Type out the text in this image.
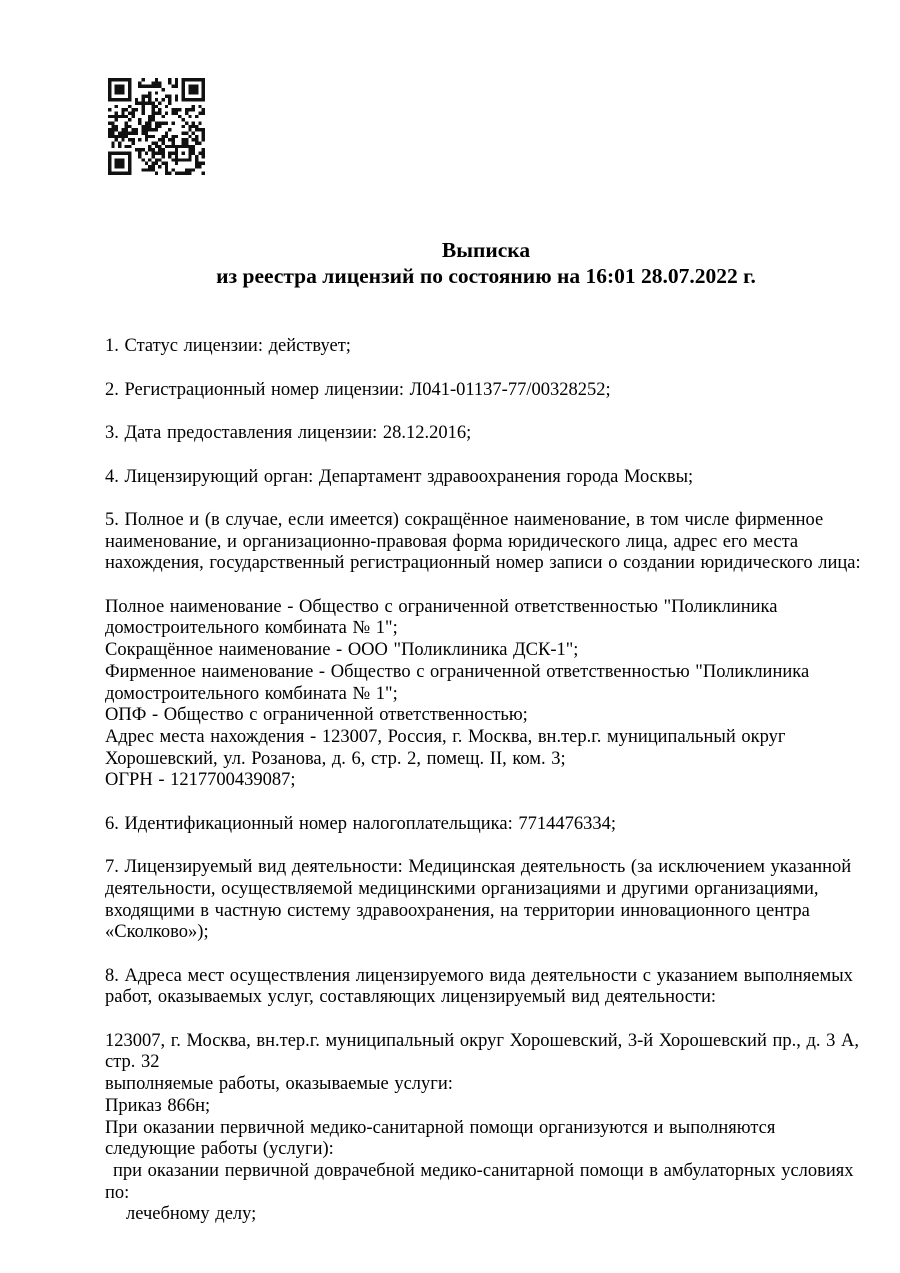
Выписка
из реестра лицензий по состоянию на 16:01 28.07.2022 г.
1. Статус лицензии: действует;
2. Регистрационный номер лицензии: Л041-01137-77/00328252;
3. Дата предоставления лицензии: 28.12.2016;
4. Лицензирующий орган: Департамент здравоохранения города Москвы;
5. Полное и (в случае, если имеется) сокращённое наименование, в том числе фирменное наименование, и организационно-правовая форма юридического лица, адрес его места нахождения, государственный регистрационный номер записи о создании юридического лица:
Полное наименование - Общество с ограниченной ответственностью "Поликлиника домостроительного комбината № 1";
Сокращённое наименование - ООО "Поликлиника ДСК-1";
Фирменное наименование - Общество с ограниченной ответственностью "Поликлиника домостроительного комбината № 1";
ОПФ - Общество с ограниченной ответственностью;
Адрес места нахождения - 123007, Россия, г. Москва, вн.тер.г. муниципальный округ Хорошевский, ул. Розанова, д. 6, стр. 2, помещ. II, ком. 3;
ОГРН - 1217700439087;
6. Идентификационный номер налогоплательщика: 7714476334;
7. Лицензируемый вид деятельности: Медицинская деятельность (за исключением указанной деятельности, осуществляемой медицинскими организациями и другими организациями, входящими в частную систему здравоохранения, на территории инновационного центра «Сколково»);
8. Адреса мест осуществления лицензируемого вида деятельности с указанием выполняемых работ, оказываемых услуг, составляющих лицензируемый вид деятельности:
123007, г. Москва, вн.тер.г. муниципальный округ Хорошевский, 3-й Хорошевский пр., д. 3 А, стр. 32
выполняемые работы, оказываемые услуги:
Приказ 866н;
При оказании первичной медико-санитарной помощи организуются и выполняются следующие работы (услуги):
при оказании первичной доврачебной медико-санитарной помощи в амбулаторных условиях по:
лечебному делу;
